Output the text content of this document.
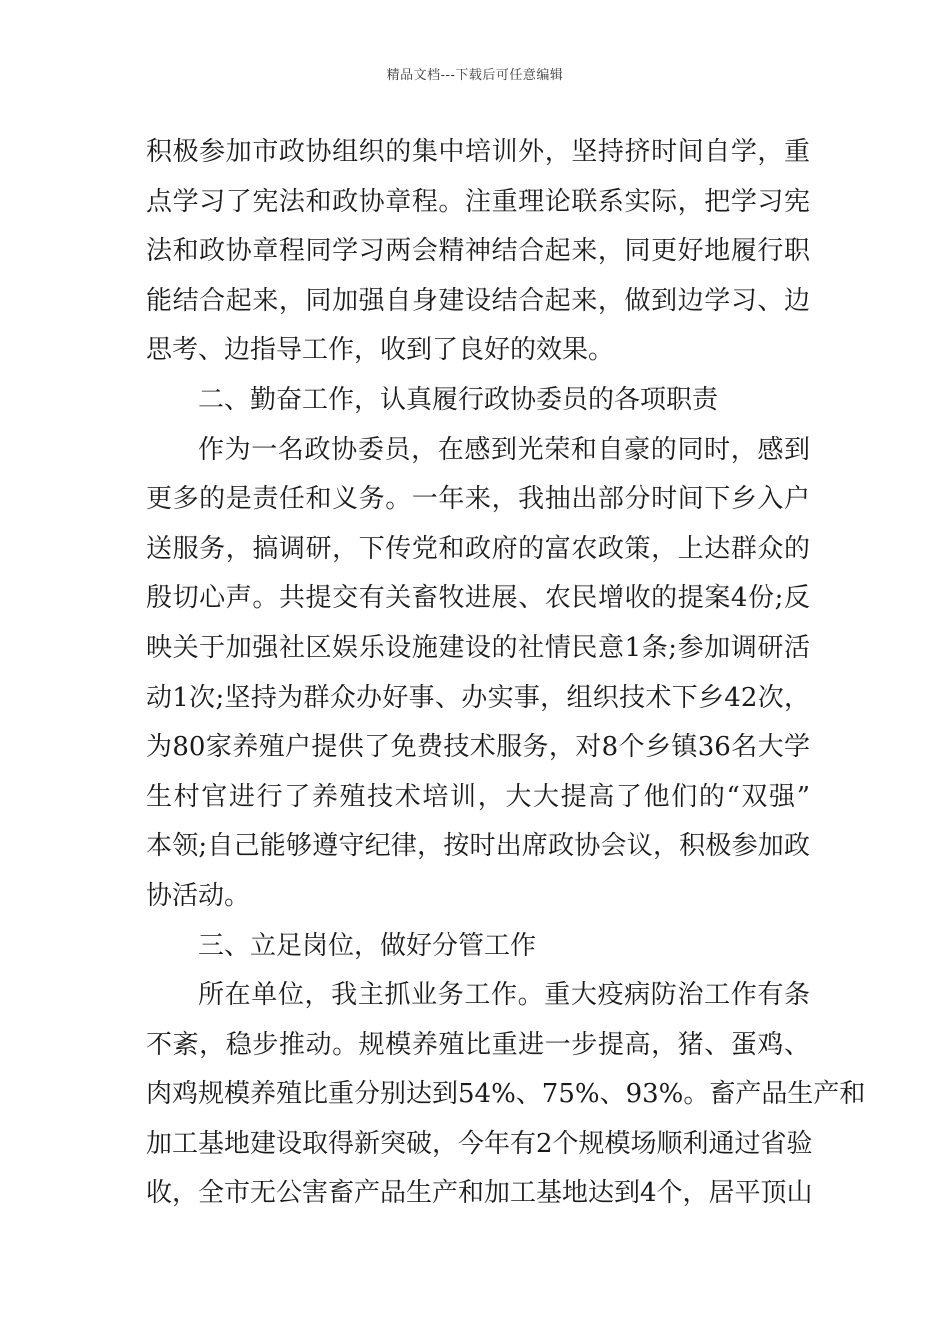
精品文档---下载后可任意编辑
积极参加市政协组织的集中培训外，坚持挤时间自学，重
点学习了宪法和政协章程。注重理论联系实际，把学习宪
法和政协章程同学习两会精神结合起来，同更好地履行职
能结合起来，同加强自身建设结合起来，做到边学习、边
思考、边指导工作，收到了良好的效果。
二、勤奋工作，认真履行政协委员的各项职责
作为一名政协委员，在感到光荣和自豪的同时，感到
更多的是责任和义务。一年来，我抽出部分时间下乡入户
送服务，搞调研，下传党和政府的富农政策，上达群众的
殷切心声。共提交有关畜牧进展、农民增收的提案4份;反
映关于加强社区娱乐设施建设的社情民意1条;参加调研活
动1次;坚持为群众办好事、办实事，组织技术下乡42次，
为80家养殖户提供了免费技术服务，对8个乡镇36名大学
生村官进行了养殖技术培训，大大提高了他们的“双强”
本领;自己能够遵守纪律，按时出席政协会议，积极参加政
协活动。
三、立足岗位，做好分管工作
所在单位，我主抓业务工作。重大疫病防治工作有条
不紊，稳步推动。规模养殖比重进一步提高，猪、蛋鸡、
肉鸡规模养殖比重分别达到54%、75%、93%。畜产品生产和
加工基地建设取得新突破，今年有2个规模场顺利通过省验
收，全市无公害畜产品生产和加工基地达到4个，居平顶山
